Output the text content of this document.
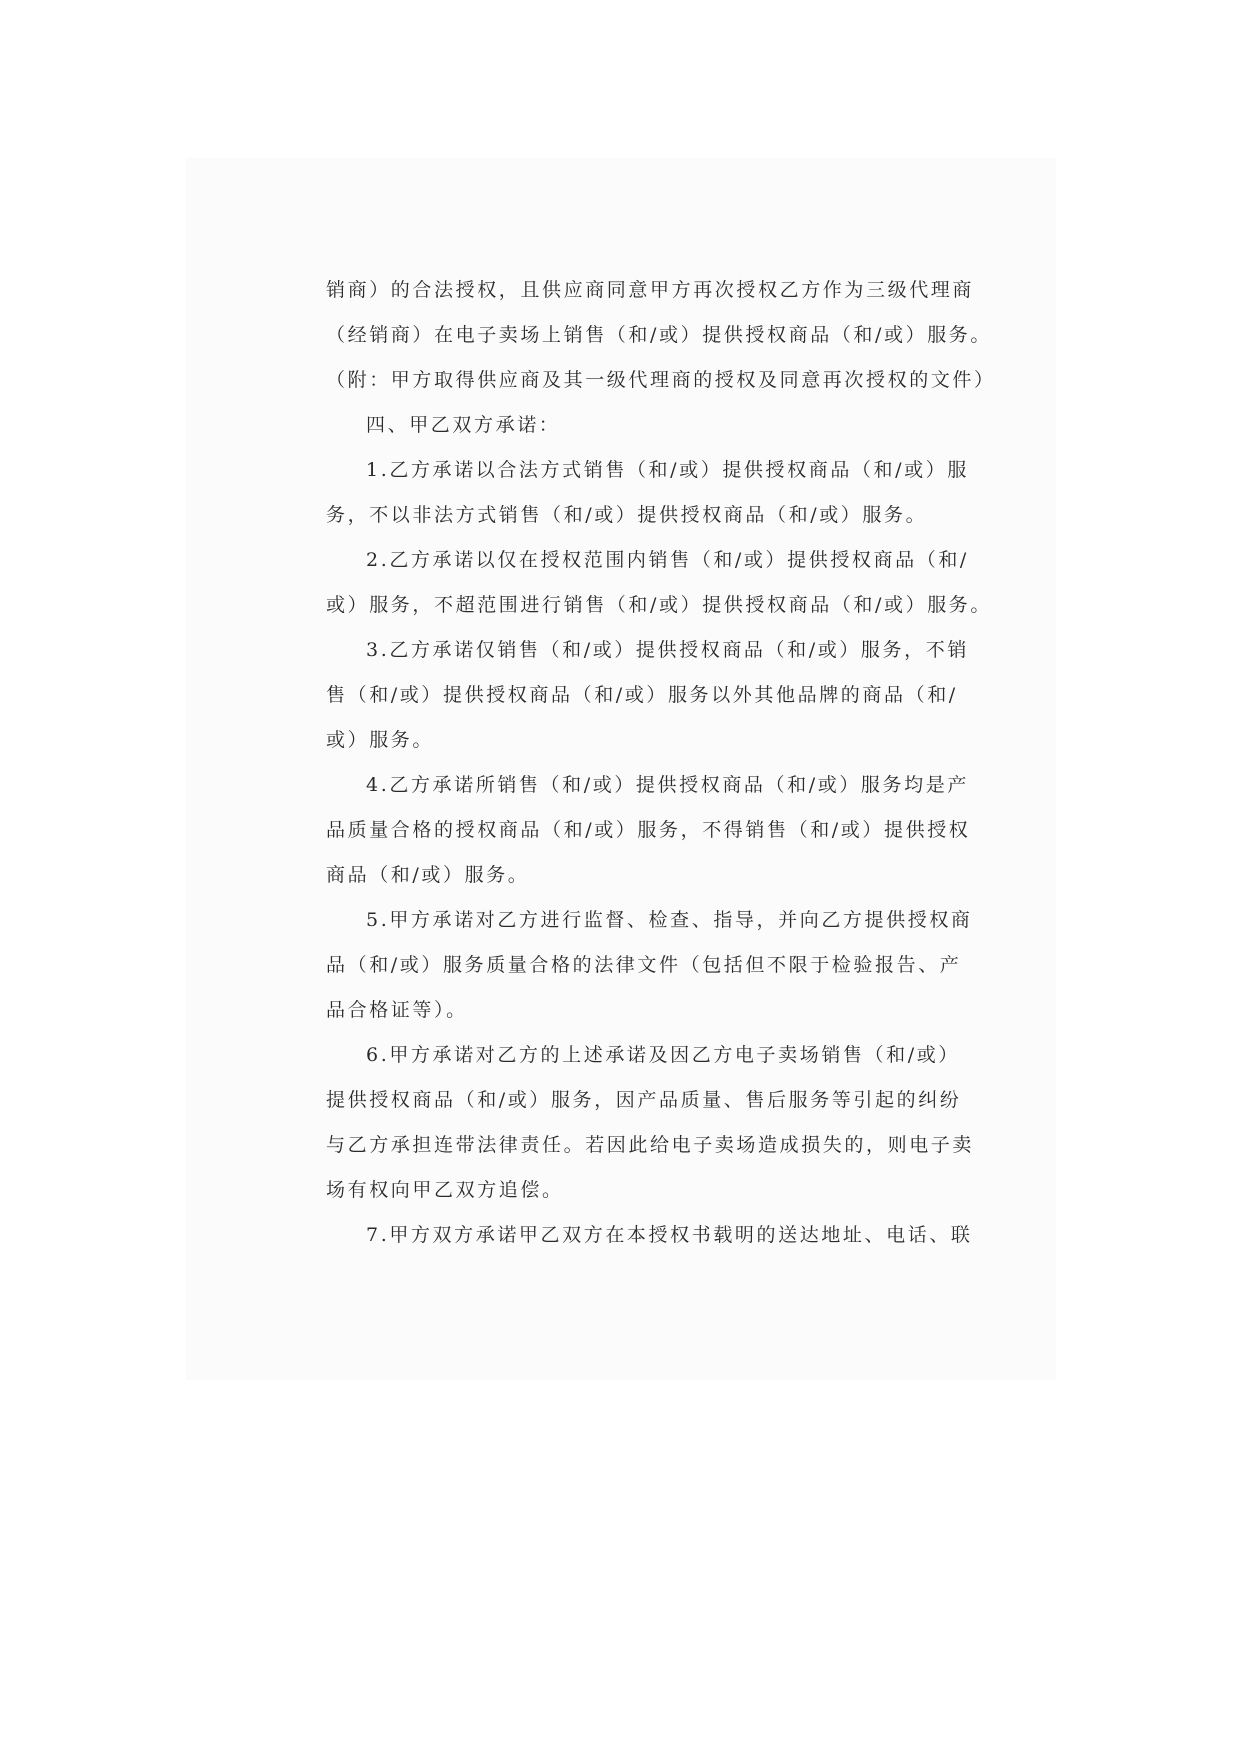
销商）的合法授权，且供应商同意甲方再次授权乙方作为三级代理商
（经销商）在电子卖场上销售（和/或）提供授权商品（和/或）服务。
（附：甲方取得供应商及其一级代理商的授权及同意再次授权的文件）
四、甲乙双方承诺：
1.乙方承诺以合法方式销售（和/或）提供授权商品（和/或）服
务，不以非法方式销售（和/或）提供授权商品（和/或）服务。
2.乙方承诺以仅在授权范围内销售（和/或）提供授权商品（和/
或）服务，不超范围进行销售（和/或）提供授权商品（和/或）服务。
3.乙方承诺仅销售（和/或）提供授权商品（和/或）服务，不销
售（和/或）提供授权商品（和/或）服务以外其他品牌的商品（和/
或）服务。
4.乙方承诺所销售（和/或）提供授权商品（和/或）服务均是产
品质量合格的授权商品（和/或）服务，不得销售（和/或）提供授权
商品（和/或）服务。
5.甲方承诺对乙方进行监督、检查、指导，并向乙方提供授权商
品（和/或）服务质量合格的法律文件（包括但不限于检验报告、产
品合格证等）。
6.甲方承诺对乙方的上述承诺及因乙方电子卖场销售（和/或）
提供授权商品（和/或）服务，因产品质量、售后服务等引起的纠纷
与乙方承担连带法律责任。若因此给电子卖场造成损失的，则电子卖
场有权向甲乙双方追偿。
7.甲方双方承诺甲乙双方在本授权书载明的送达地址、电话、联
